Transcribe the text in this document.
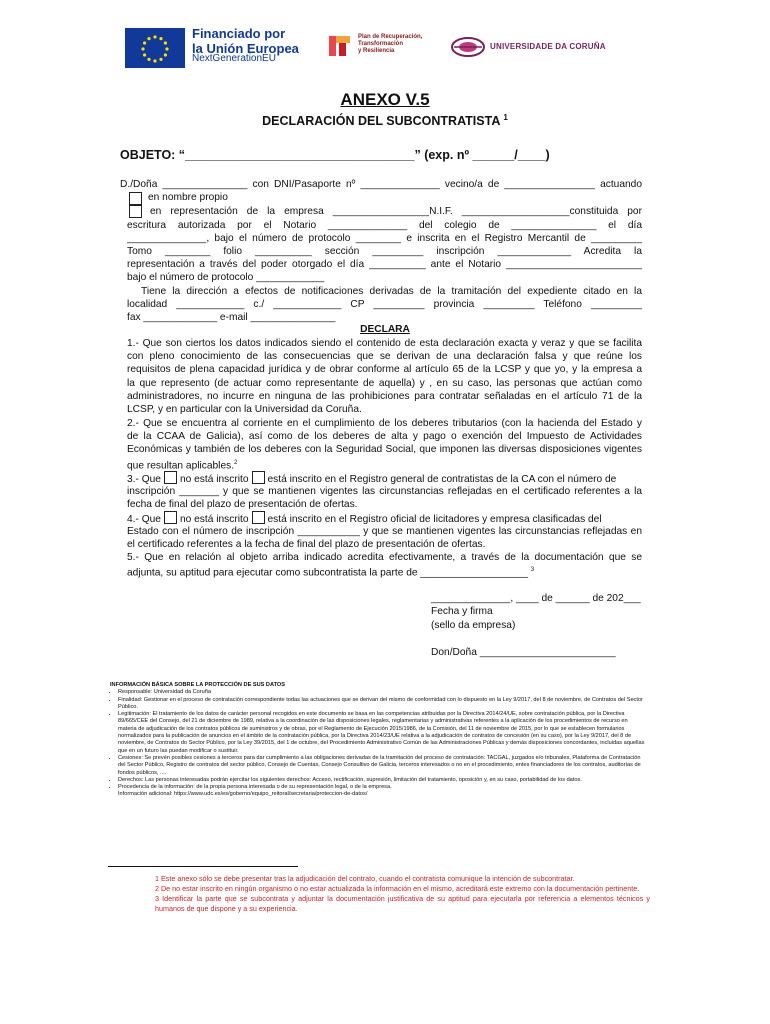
Financiado por
la Unión Europea
NextGenerationEU
Plan de Recuperación,
Transformación
y Resiliencia	UNIVERSIDADE DA CORUÑA
ANEXO V.5
DECLARACIÓN DEL SUBCONTRATISTA $^1$
OBJETO: “_________________________________” (exp. nº ______/____)
D./Doña _______________ con DNI/Pasaporte nº ______________ vecino/a de ________________ actuando
en nombre propio
en representación de la empresa _________________N.I.F. ___________________constituida por
escritura autorizada por el Notario ______________ del colegio de _______________ el día
______________, bajo el número de protocolo ________ e inscrita en el Registro Mercantil de _________
Tomo ________ folio __________ sección _________ inscripción _____________ Acredita la
representación a través del poder otorgado el día __________ ante el Notario ________________________
bajo el número de protocolo ____________
Tiene la dirección a efectos de notificaciones derivadas de la tramitación del expediente citado en la
localidad ____________ c./ ____________ CP _________ provincia _________ Teléfono _________
fax _____________ e-mail _______________
DECLARA
1.- Que son ciertos los datos indicados siendo el contenido de esta declaración exacta y veraz y que se facilita
con pleno conocimiento de las consecuencias que se derivan de una declaración falsa y que reúne los
requisitos de plena capacidad jurídica y de obrar conforme al artículo 65 de la LCSP y que yo, y la empresa a
la que represento (de actuar como representante de aquella) y , en su caso, las personas que actúan como
administradores, no incurre en ninguna de las prohibiciones para contratar señaladas en el artículo 71 de la
LCSP, y en particular con la Universidad da Coruña.
2.- Que se encuentra al corriente en el cumplimiento de los deberes tributarios (con la hacienda del Estado y
de la CCAA de Galicia), así como de los deberes de alta y pago o exención del Impuesto de Actividades
Económicas y también de los deberes con la Seguridad Social, que imponen las diversas disposiciones vigentes
que resultan aplicables.$^2$
3.- Que no está inscrito está inscrito en el Registro general de contratistas de la CA con el número de
inscripción _______ y que se mantienen vigentes las circunstancias reflejadas en el certificado referentes a la
fecha de final del plazo de presentación de ofertas.
4.- Que no está inscrito está inscrito en el Registro oficial de licitadores y empresa clasificadas del
Estado con el número de inscripción ___________ y que se mantienen vigentes las circunstancias reflejadas en
el certificado referentes a la fecha de final del plazo de presentación de ofertas.
5.- Que en relación al objeto arriba indicado acredita efectivamente, a través de la documentación que se
adjunta, su aptitud para ejecutar como subcontratista la parte de ___________________ $^3$
______________, ____ de ______ de 202___
Fecha y firma
(sello da empresa)
Don/Doña ________________________
INFORMACIÓN BÁSICA SOBRE LA PROTECCIÓN DE SUS DATOS
• Responsable: Universidad da Coruña
• Finalidad: Gestionar en el proceso de contratación correspondiente todas las actuaciones que se derivan del mismo de conformidad con lo dispuesto en la Ley 9/2017, del 8 de noviembre, de Contratos del Sector Público.
• Legitimación: El tratamiento de los datos de carácter personal recogidos en este documento se basa en las competencias atribuidas por la Directiva 2014/24/UE, sobre contratación pública, por la Directiva 89/665/CEE del Consejo, del 21 de diciembre de 1989, relativa a la coordinación de las disposiciones legales, reglamentarias y administrativas referentes a la aplicación de los procedimientos de recurso en materia de adjudicación de los contratos públicos de suministros y de obras, por el Reglamento de Ejecución 2015/1986, de la Comisión, del 11 de noviembre de 2015, por lo que se establecen formularios normalizados para la publicación de anuncios en el ámbito de la contratación pública, por la Directiva 2014/23/UE relativa a la adjudicación de contratos de concesión (en su caso), por la Ley 9/2017, del 8 de noviembre, de Contratos do Sector Público, por la Ley 39/2015, del 1 de octubre, del Procedimiento Administrativo Común de las Administraciones Públicas y demás disposiciones concordantes, incluidas aquellas que en un futuro las puedan modificar o sustituir.
• Cesiones: Se prevén posibles cesiones a terceros para dar cumplimiento a las obligaciones derivadas de la tramitación del proceso de contratación: TACGAL, juzgados e/o tribunales, Plataforma de Contratación del Sector Público, Registro de contratos del sector público, Consejo de Cuentas, Consejo Consultivo de Galicia, terceros interesados o no en el procedimiento, entes financiadores de los contratos, auditorías de fondos públicos, ....
• Derechos: Las personas interesadas podrán ejercitar los siguientes derechos: Acceso, rectificación, supresión, limitación del tratamiento, oposición y, en su caso, portabilidad de los datos.
• Procedencia de la información: de la propia persona interesada o de su representación legal, o de la empresa.
Información adicional: https://www.udc.es/es/goberno/equipo_reitoral/secretaria/proteccion-de-datos/
1 Este anexo sólo se debe presentar tras la adjudicación del contrato, cuando el contratista comunique la intención de subcontratar.
2 De no estar inscrito en ningún organismo o no estar actualizada la información en el mismo, acreditará este extremo con la documentación pertinente.
3 Identificar la parte que se subcontrata y adjuntar la documentación justificativa de su aptitud para ejecutarla por referencia a elementos técnicos y humanos de que dispone y a su experiencia.
